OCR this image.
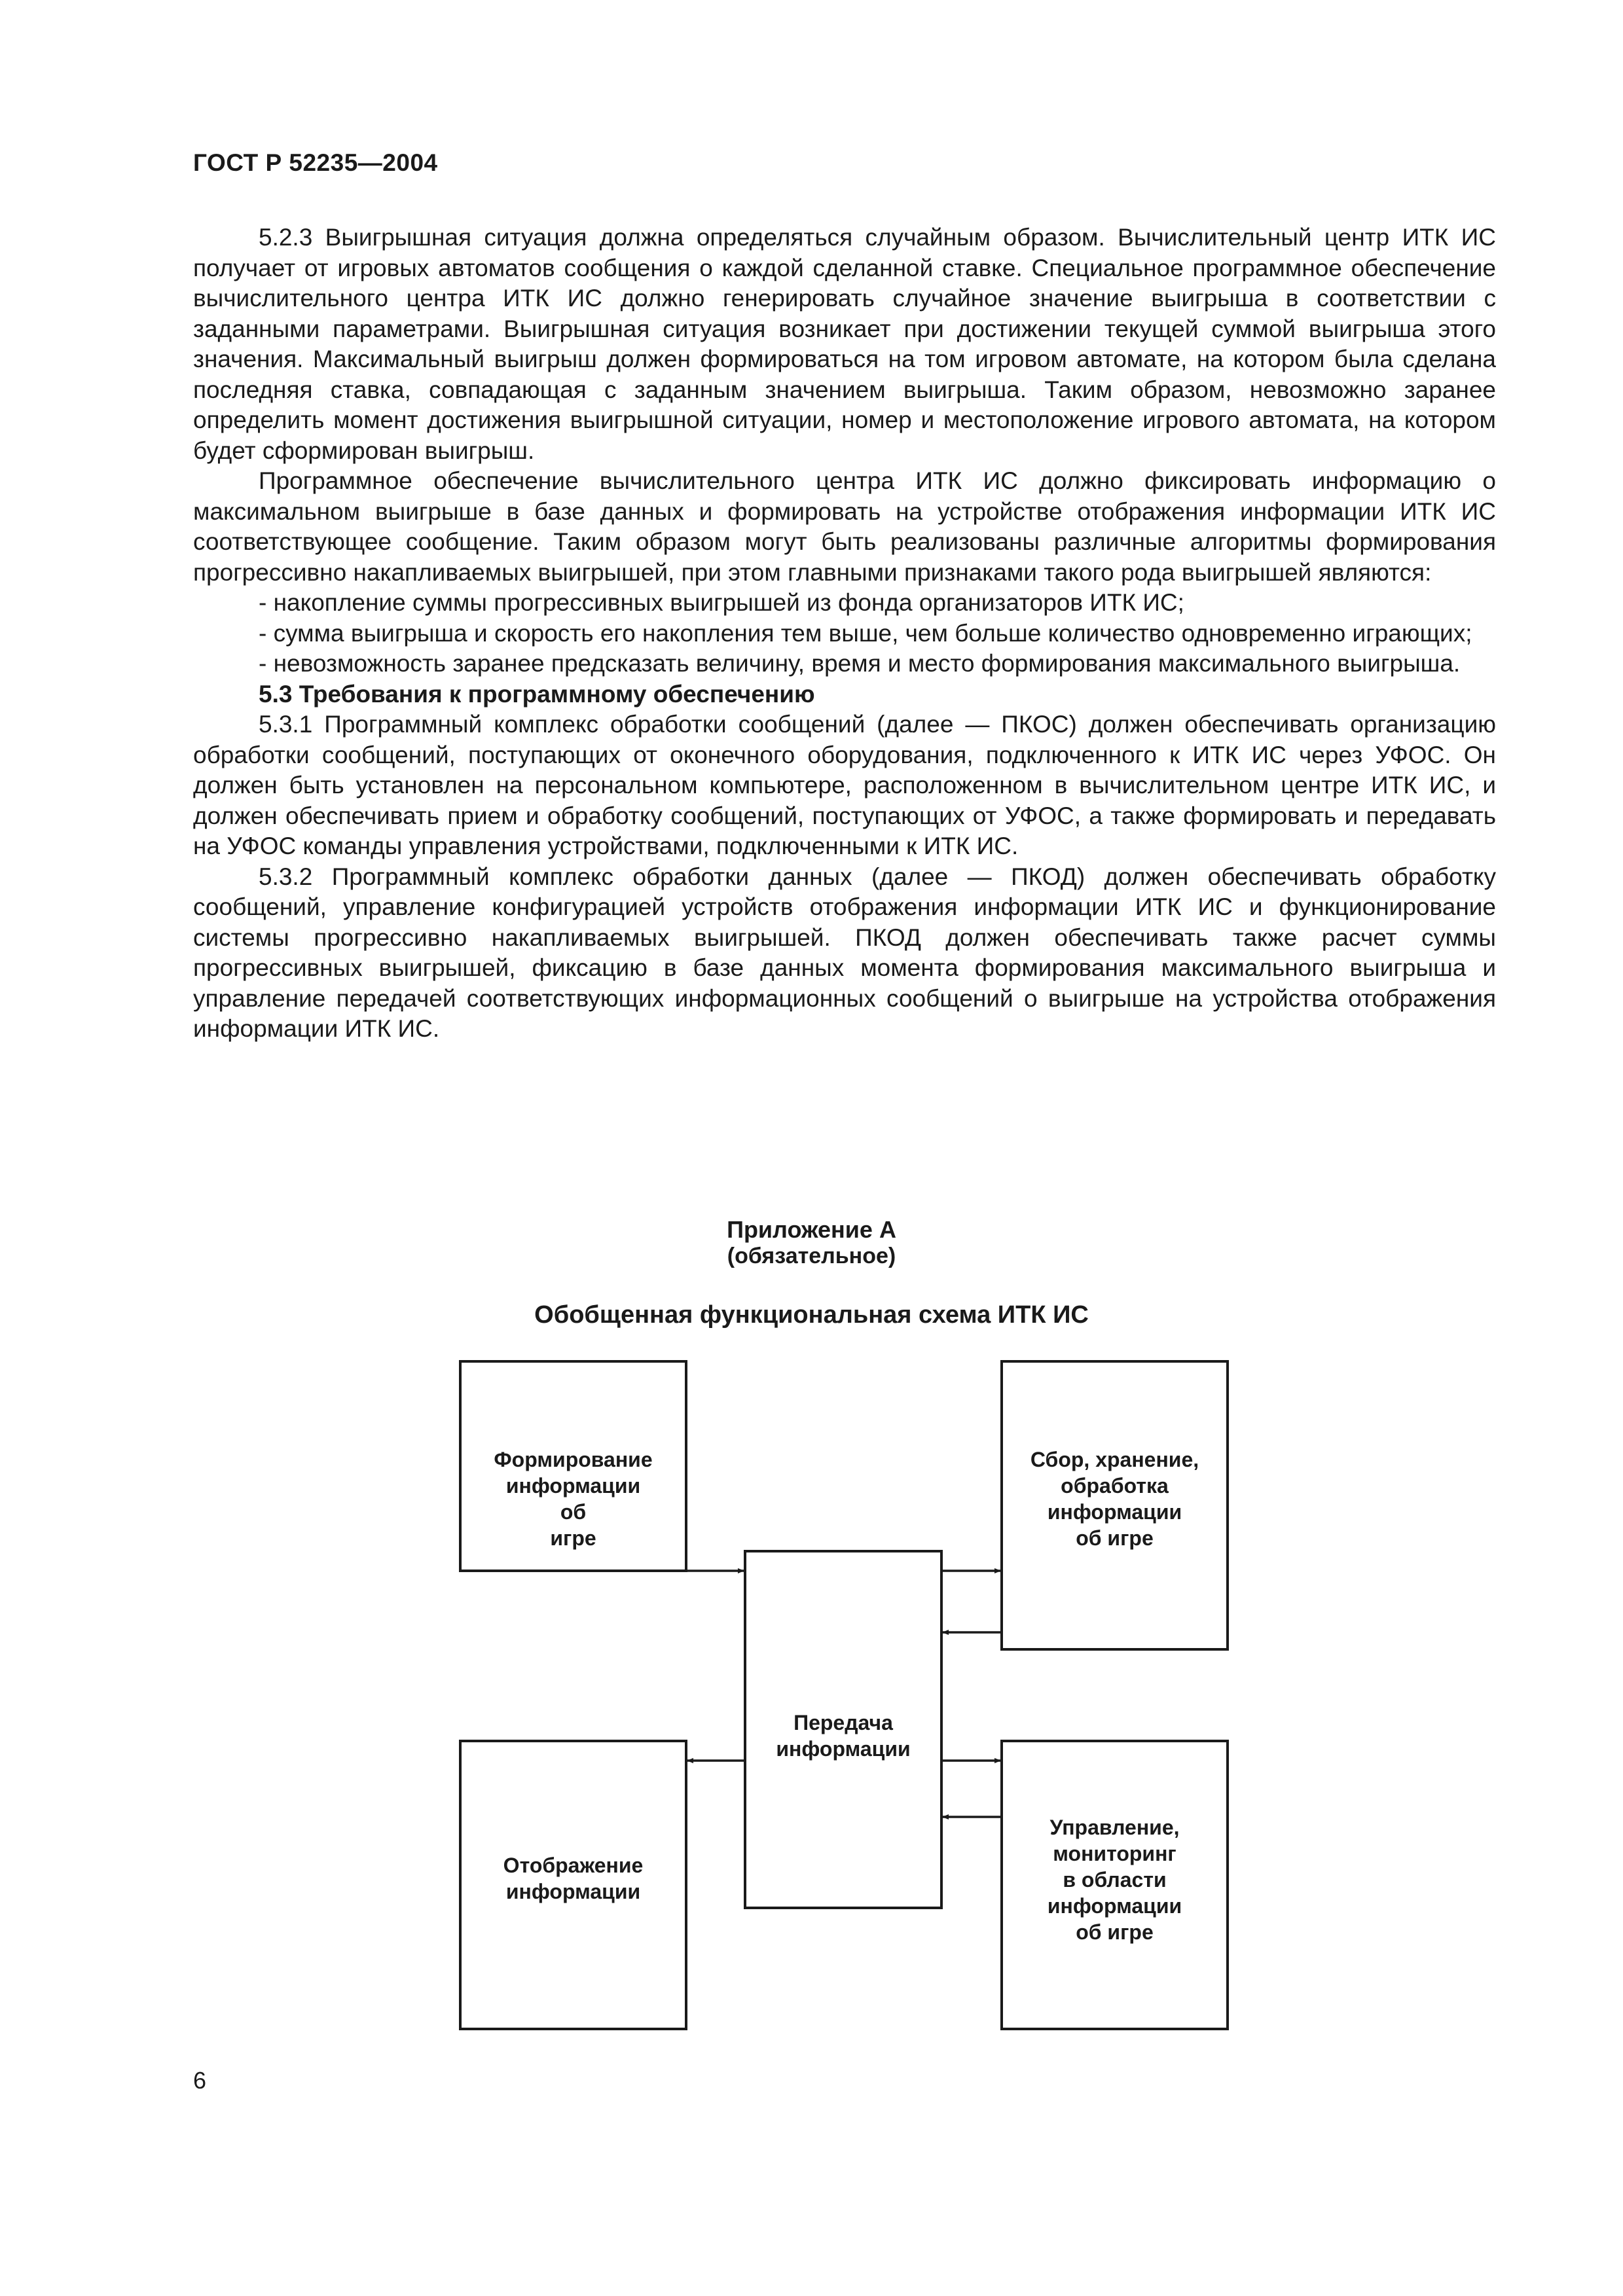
ГОСТ Р 52235—2004

5.2.3 Выигрышная ситуация должна определяться случайным образом. Вычислительный центр ИТК ИС получает от игровых автоматов сообщения о каждой сделанной ставке. Специальное программное обеспечение вычислительного центра ИТК ИС должно генерировать случайное значение выигрыша в соответствии с заданными параметрами. Выигрышная ситуация возникает при достижении текущей суммой выигрыша этого значения. Максимальный выигрыш должен формироваться на том игровом автомате, на котором была сделана последняя ставка, совпадающая с заданным значением выигрыша. Таким образом, невозможно заранее определить момент достижения выигрышной ситуации, номер и местоположение игрового автомата, на котором будет сформирован выигрыш.

Программное обеспечение вычислительного центра ИТК ИС должно фиксировать информацию о максимальном выигрыше в базе данных и формировать на устройстве отображения информации ИТК ИС соответствующее сообщение. Таким образом могут быть реализованы различные алгоритмы формирования прогрессивно накапливаемых выигрышей, при этом главными признаками такого рода выигрышей являются:

- накопление суммы прогрессивных выигрышей из фонда организаторов ИТК ИС;

- сумма выигрыша и скорость его накопления тем выше, чем больше количество одновременно играющих;

- невозможность заранее предсказать величину, время и место формирования максимального выигрыша.

5.3 Требования к программному обеспечению

5.3.1 Программный комплекс обработки сообщений (далее — ПКОС) должен обеспечивать организацию обработки сообщений, поступающих от оконечного оборудования, подключенного к ИТК ИС через УФОС. Он должен быть установлен на персональном компьютере, расположенном в вычислительном центре ИТК ИС, и должен обеспечивать прием и обработку сообщений, поступающих от УФОС, а также формировать и передавать на УФОС команды управления устройствами, подключенными к ИТК ИС.

5.3.2 Программный комплекс обработки данных (далее — ПКОД) должен обеспечивать обработку сообщений, управление конфигурацией устройств отображения информации ИТК ИС и функционирование системы прогрессивно накапливаемых выигрышей. ПКОД должен обеспечивать также расчет суммы прогрессивных выигрышей, фиксацию в базе данных момента формирования максимального выигрыша и управление передачей соответствующих информационных сообщений о выигрыше на устройства отображения информации ИТК ИС.

Приложение А
(обязательное)
Обобщенная функциональная схема ИТК ИС
Формирование
информации
об
игре
Сбор, хранение,
обработка
информации
об игре
Передача
информации
Отображение
информации
Управление,
мониторинг
в области
информации
об игре
6
